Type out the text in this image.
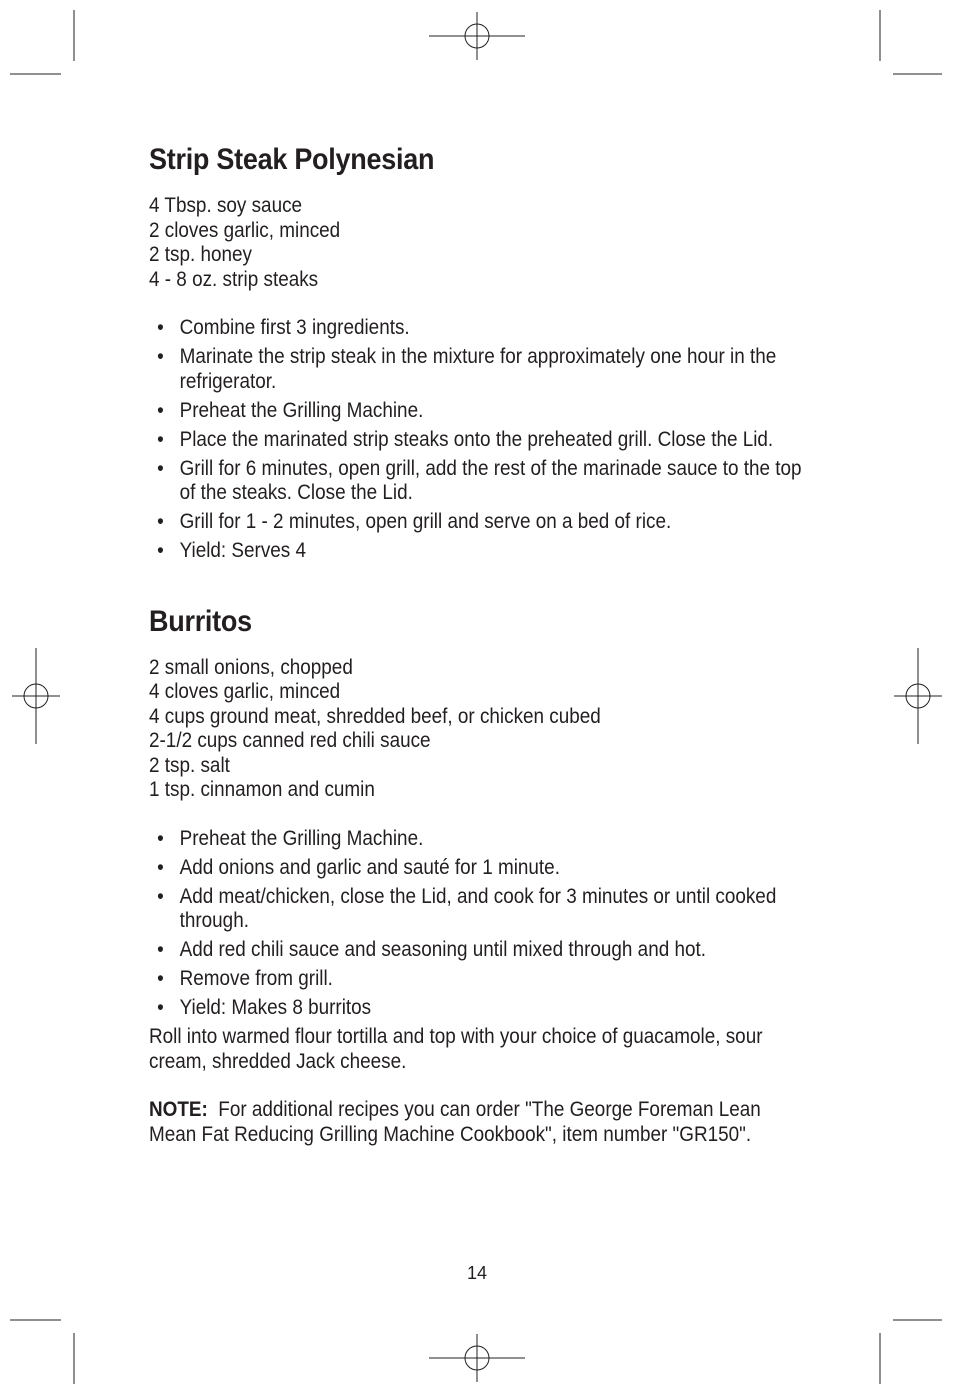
Strip Steak Polynesian
4 Tbsp. soy sauce
2 cloves garlic, minced
2 tsp. honey
4 - 8 oz. strip steaks
• Combine first 3 ingredients.
• Marinate the strip steak in the mixture for approximately one hour in the refrigerator.
• Preheat the Grilling Machine.
• Place the marinated strip steaks onto the preheated grill. Close the Lid.
• Grill for 6 minutes, open grill, add the rest of the marinade sauce to the top of the steaks. Close the Lid.
• Grill for 1 - 2 minutes, open grill and serve on a bed of rice.
• Yield: Serves 4
Burritos
2 small onions, chopped
4 cloves garlic, minced
4 cups ground meat, shredded beef, or chicken cubed
2-1/2 cups canned red chili sauce
2 tsp. salt
1 tsp. cinnamon and cumin
• Preheat the Grilling Machine.
• Add onions and garlic and sauté for 1 minute.
• Add meat/chicken, close the Lid, and cook for 3 minutes or until cooked through.
• Add red chili sauce and seasoning until mixed through and hot.
• Remove from grill.
• Yield: Makes 8 burritos

Roll into warmed flour tortilla and top with your choice of guacamole, sour cream, shredded Jack cheese.

NOTE: For additional recipes you can order "The George Foreman Lean Mean Fat Reducing Grilling Machine Cookbook", item number "GR150".

14
